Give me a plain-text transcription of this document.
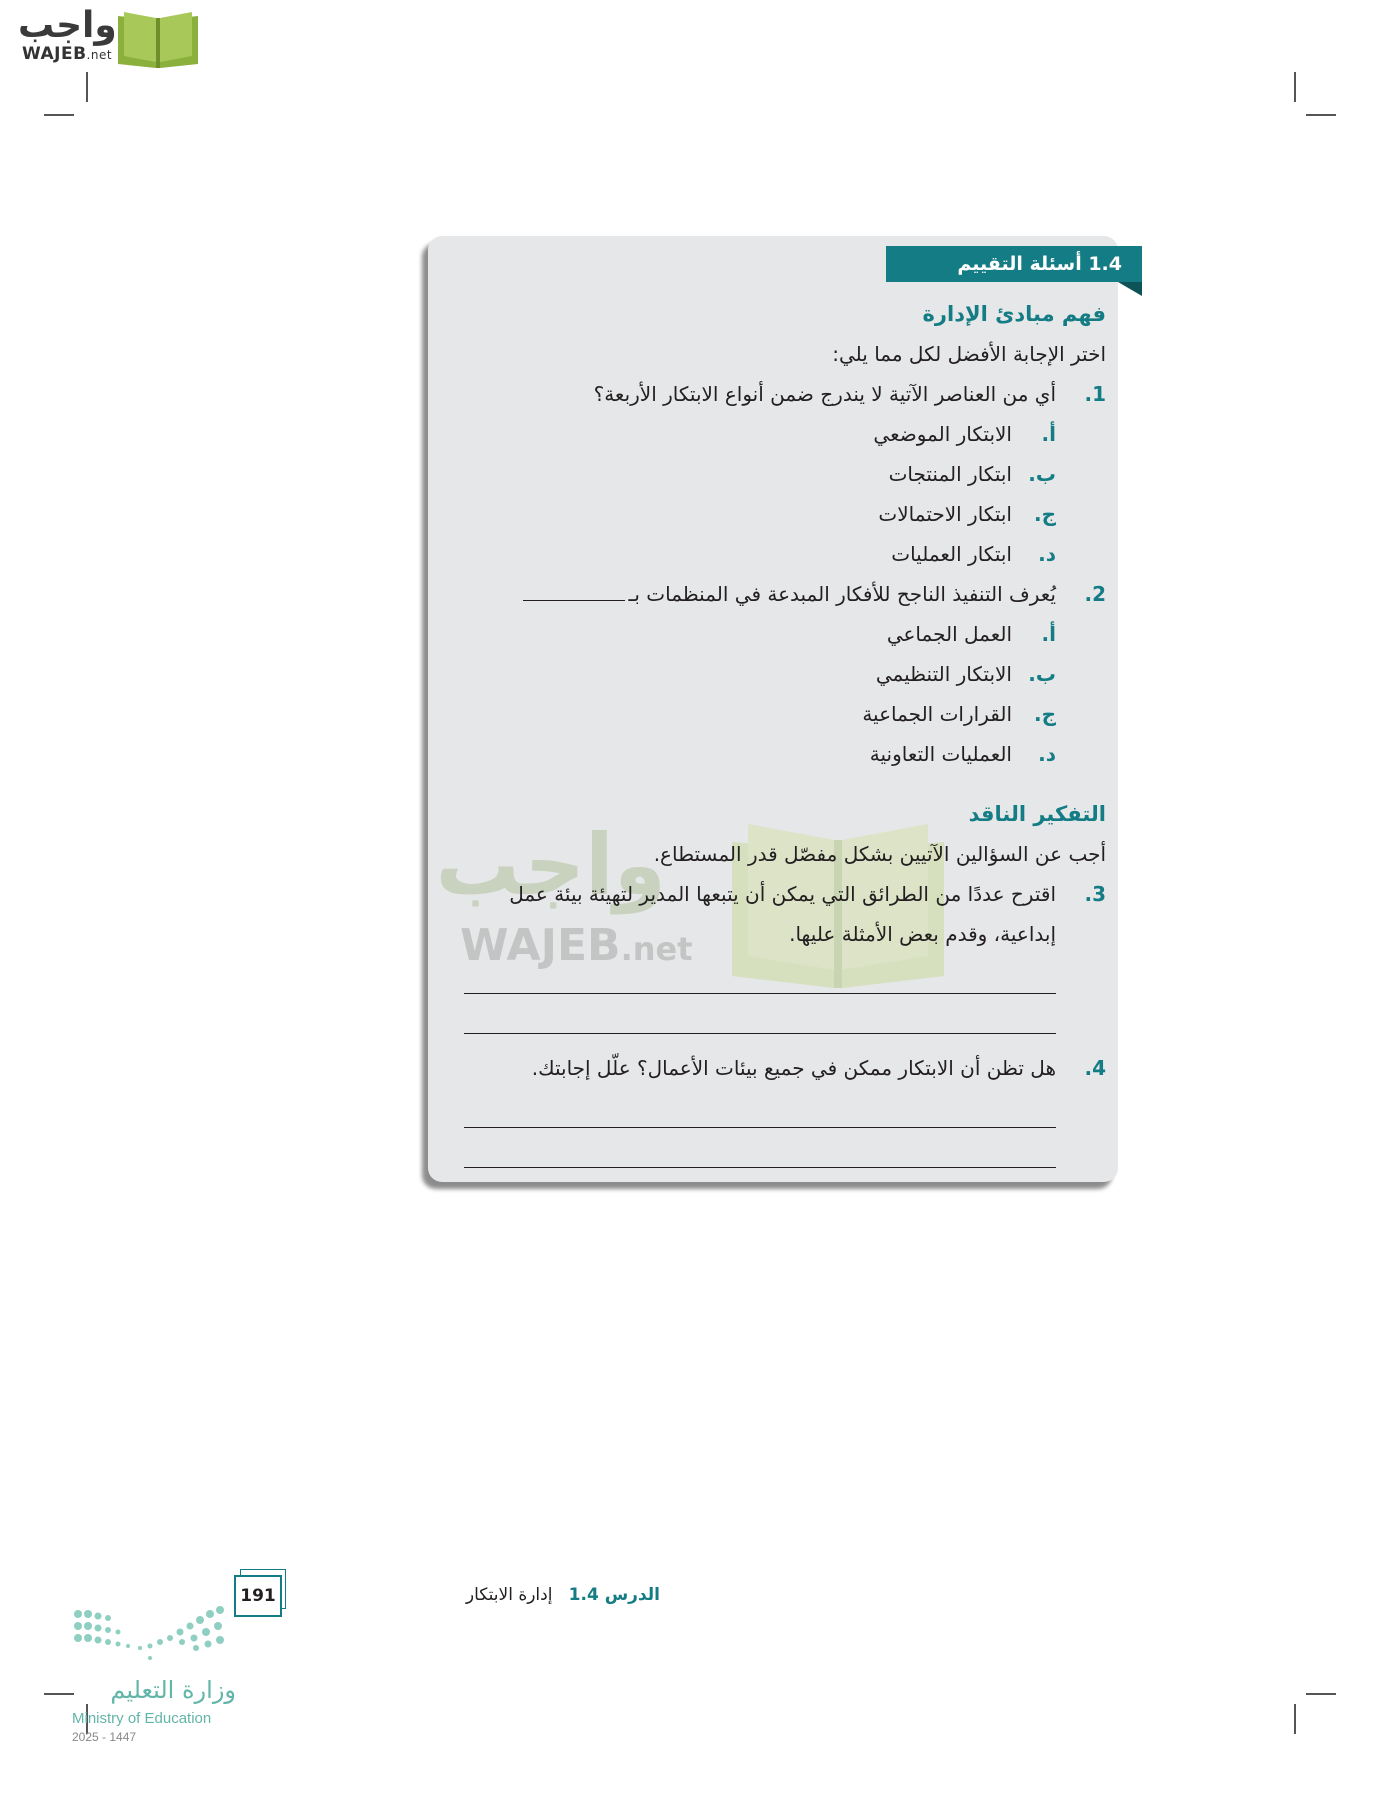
واجب
WAJEB.net
1.4 أسئلة التقييم
واجب
WAJEB.net
فهم مبادئ الإدارة
اختر الإجابة الأفضل لكل مما يلي:
1.
أي من العناصر الآتية لا يندرج ضمن أنواع الابتكار الأربعة؟
أ.
الابتكار الموضعي
ب.
ابتكار المنتجات
ج.
ابتكار الاحتمالات
د.
ابتكار العمليات
2.
يُعرف التنفيذ الناجح للأفكار المبدعة في المنظمات بـ
أ.
العمل الجماعي
ب.
الابتكار التنظيمي
ج.
القرارات الجماعية
د.
العمليات التعاونية
التفكير الناقد
أجب عن السؤالين الآتيين بشكل مفصّل قدر المستطاع.
3.
اقترح عددًا من الطرائق التي يمكن أن يتبعها المدير لتهيئة بيئة عمل
إبداعية، وقدم بعض الأمثلة عليها.
4.
هل تظن أن الابتكار ممكن في جميع بيئات الأعمال؟ علّل إجابتك.
191	الدرس 1.4   إدارة الابتكار
وزارة التعليم
Ministry of Education
2025 - 1447
